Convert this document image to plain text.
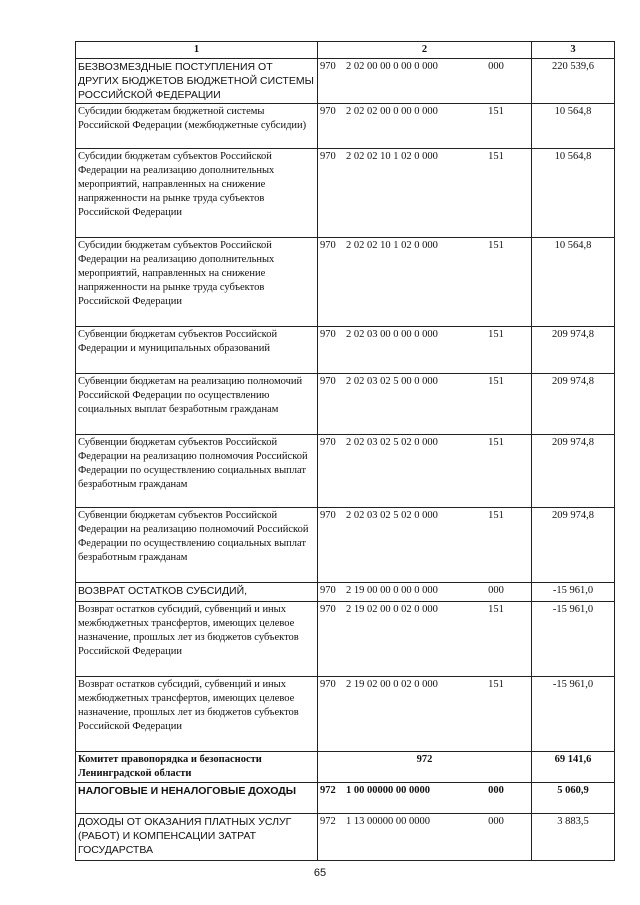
1	2	3
БЕЗВОЗМЕЗДНЫЕ ПОСТУПЛЕНИЯ ОТ ДРУГИХ БЮДЖЕТОВ БЮДЖЕТНОЙ СИСТЕМЫ РОССИЙСКОЙ ФЕДЕРАЦИИ	970 2 02 00 00 0 00 0 000 000	220 539,6
Субсидии бюджетам бюджетной системы Российской Федерации (межбюджетные субсидии)	970 2 02 02 00 0 00 0 000 151	10 564,8
Субсидии бюджетам субъектов Российской Федерации на реализацию дополнительных мероприятий, направленных на снижение напряженности на рынке труда субъектов Российской Федерации	970 2 02 02 10 1 02 0 000 151	10 564,8
Субсидии бюджетам субъектов Российской Федерации на реализацию дополнительных мероприятий, направленных на снижение напряженности на рынке труда субъектов Российской Федерации	970 2 02 02 10 1 02 0 000 151	10 564,8
Субвенции бюджетам субъектов Российской Федерации и муниципальных образований	970 2 02 03 00 0 00 0 000 151	209 974,8
Субвенции бюджетам на реализацию полномочий Российской Федерации по осуществлению социальных выплат безработным гражданам	970 2 02 03 02 5 00 0 000 151	209 974,8
Субвенции бюджетам субъектов Российской Федерации на реализацию полномочия Российской Федерации по осуществлению социальных выплат безработным гражданам	970 2 02 03 02 5 02 0 000 151	209 974,8
Субвенции бюджетам субъектов Российской Федерации на реализацию полномочий Российской Федерации по осуществлению социальных выплат безработным гражданам	970 2 02 03 02 5 02 0 000 151	209 974,8
ВОЗВРАТ ОСТАТКОВ СУБСИДИЙ,	970 2 19 00 00 0 00 0 000 000	-15 961,0
Возврат остатков субсидий, субвенций и иных межбюджетных трансфертов, имеющих целевое назначение, прошлых лет из бюджетов субъектов Российской Федерации	970 2 19 02 00 0 02 0 000 151	-15 961,0
Возврат остатков субсидий, субвенций и иных межбюджетных трансфертов, имеющих целевое назначение, прошлых лет из бюджетов субъектов Российской Федерации	970 2 19 02 00 0 02 0 000 151	-15 961,0
Комитет правопорядка и безопасности Ленинградской области	972	69 141,6
НАЛОГОВЫЕ И НЕНАЛОГОВЫЕ ДОХОДЫ	972 1 00 00000 00 0000 000	5 060,9
ДОХОДЫ ОТ ОКАЗАНИЯ ПЛАТНЫХ УСЛУГ (РАБОТ) И КОМПЕНСАЦИИ ЗАТРАТ ГОСУДАРСТВА	972 1 13 00000 00 0000 000	3 883,5
65
